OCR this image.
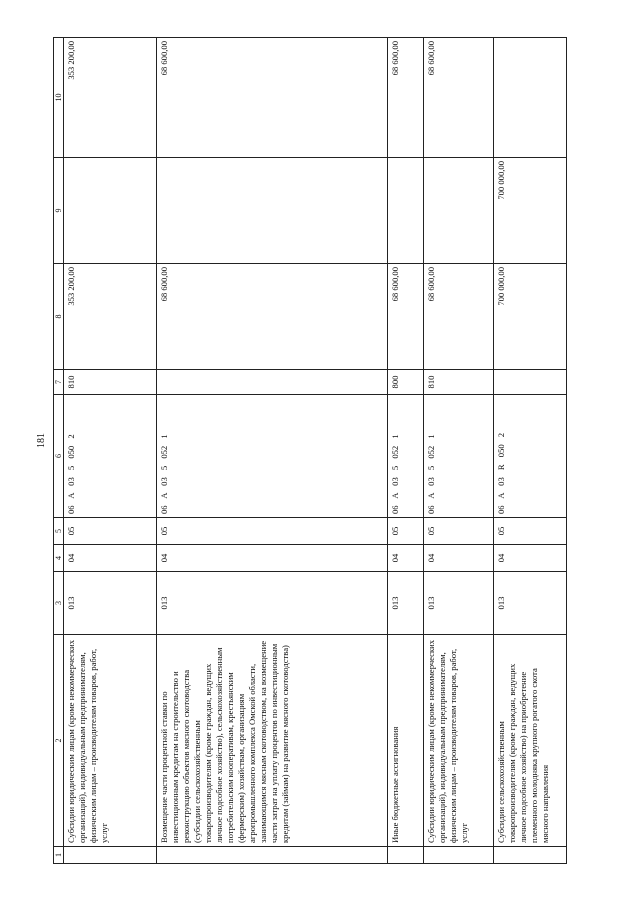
181
1	2	3	4	5	6	7	8	9	10
	Субсидии юридическим лицам (кроме некоммерческих организаций), индивидуальным предпринимателям, физическим лицам – производителям товаров, работ, услуг	013	04	05	06 A 03 5 050 2	810	353 200,00		353 200,00
	Возмещение части процентной ставки по инвестиционным кредитам на строительство и реконструкцию объектов мясного скотоводства (субсидии сельскохозяйственным товаропроизводителям (кроме граждан, ведущих личное подсобное хозяйство), сельскохозяйственным потребительским кооперативам, крестьянским (фермерским) хозяйствам, организациям агропромышленного комплекса Омской области, занимающимся мясным скотоводством, на возмещение части затрат на уплату процентов по инвестиционным кредитам (займам) на развитие мясного скотоводства)	013	04	05	06 A 03 5 052 1		68 600,00		68 600,00
	Иные бюджетные ассигнования	013	04	05	06 A 03 5 052 1	800	68 600,00		68 600,00
	Субсидии юридическим лицам (кроме некоммерческих организаций), индивидуальным предпринимателям, физическим лицам – производителям товаров, работ, услуг	013	04	05	06 A 03 5 052 1	810	68 600,00		68 600,00
	Субсидии сельскохозяйственным товаропроизводителям (кроме граждан, ведущих личное подсобное хозяйство) на приобретение племенного молодняка крупного рогатого скота мясного направления	013	04	05	06 A 03 R 050 2		700 000,00	700 000,00	
